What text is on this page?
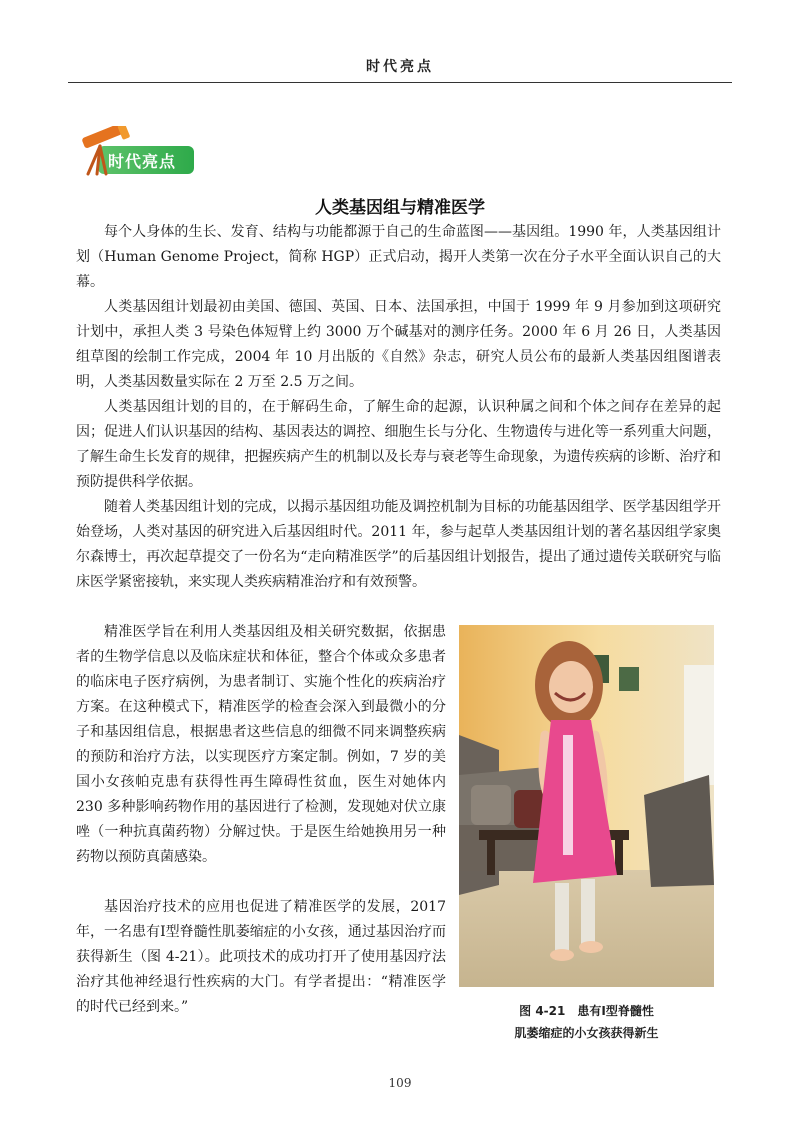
时代亮点
时代亮点
人类基因组与精准医学

每个人身体的生长、发育、结构与功能都源于自己的生命蓝图——基因组。1990 年，人类基因组计划（Human Genome Project，简称 HGP）正式启动，揭开人类第一次在分子水平全面认识自己的大幕。

人类基因组计划最初由美国、德国、英国、日本、法国承担，中国于 1999 年 9 月参加到这项研究计划中，承担人类 3 号染色体短臂上约 3000 万个碱基对的测序任务。2000 年 6 月 26 日，人类基因组草图的绘制工作完成，2004 年 10 月出版的《自然》杂志，研究人员公布的最新人类基因组图谱表明，人类基因数量实际在 2 万至 2.5 万之间。

人类基因组计划的目的，在于解码生命，了解生命的起源，认识种属之间和个体之间存在差异的起因；促进人们认识基因的结构、基因表达的调控、细胞生长与分化、生物遗传与进化等一系列重大问题，了解生命生长发育的规律，把握疾病产生的机制以及长寿与衰老等生命现象，为遗传疾病的诊断、治疗和预防提供科学依据。

随着人类基因组计划的完成，以揭示基因组功能及调控机制为目标的功能基因组学、医学基因组学开始登场，人类对基因的研究进入后基因组时代。2011 年，参与起草人类基因组计划的著名基因组学家奥尔森博士，再次起草提交了一份名为“走向精准医学”的后基因组计划报告，提出了通过遗传关联研究与临床医学紧密接轨，来实现人类疾病精准治疗和有效预警。

精准医学旨在利用人类基因组及相关研究数据，依据患者的生物学信息以及临床症状和体征，整合个体或众多患者的临床电子医疗病例，为患者制订、实施个性化的疾病治疗方案。在这种模式下，精准医学的检查会深入到最微小的分子和基因组信息，根据患者这些信息的细微不同来调整疾病的预防和治疗方法，以实现医疗方案定制。例如，7 岁的美国小女孩帕克患有获得性再生障碍性贫血，医生对她体内 230 多种影响药物作用的基因进行了检测，发现她对伏立康唑（一种抗真菌药物）分解过快。于是医生给她换用另一种药物以预防真菌感染。

基因治疗技术的应用也促进了精准医学的发展，2017 年，一名患有Ⅰ型脊髓性肌萎缩症的小女孩，通过基因治疗而获得新生（图 4-21）。此项技术的成功打开了使用基因疗法治疗其他神经退行性疾病的大门。有学者提出：“精准医学的时代已经到来。”	图 4-21　患有Ⅰ型脊髓性
肌萎缩症的小女孩获得新生
109
